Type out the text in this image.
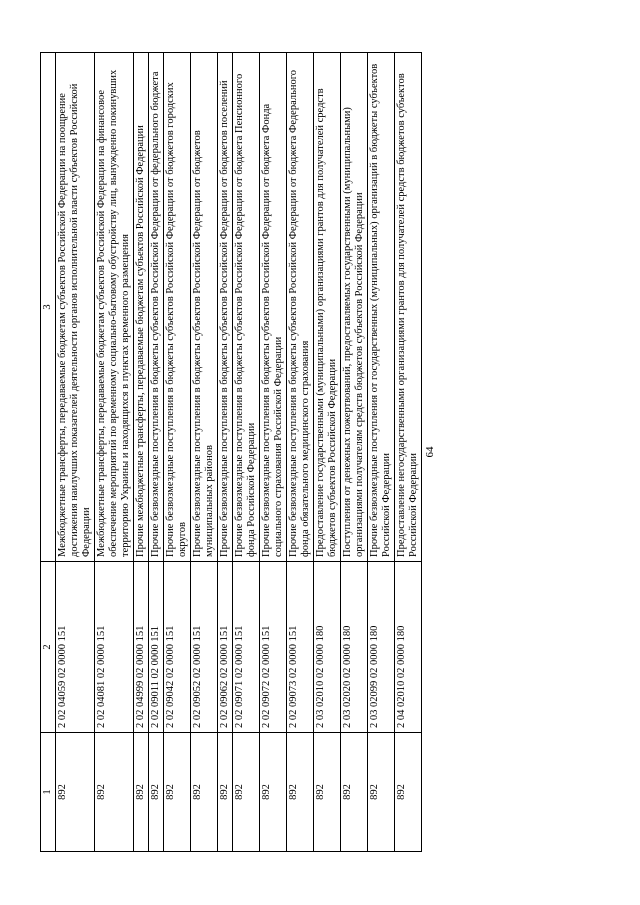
64
1	2	3
892	2 02 04059 02 0000 151	Межбюджетные трансферты, передаваемые бюджетам субъектов Российской Федерации на поощрение достижения наилучших показателей деятельности органов исполнительной власти субъектов Российской Федерации
892	2 02 04081 02 0000 151	Межбюджетные трансферты, передаваемые бюджетам субъектов Российской Федерации на финансовое обеспечение мероприятий по временному социально-бытовому обустройству лиц, вынужденно покинувших территорию Украины и находящихся в пунктах временного размещения
892	2 02 04999 02 0000 151	Прочие межбюджетные трансферты, передаваемые бюджетам субъектов Российской Федерации
892	2 02 09011 02 0000 151	Прочие безвозмездные поступления в бюджеты субъектов Российской Федерации от федерального бюджета
892	2 02 09042 02 0000 151	Прочие безвозмездные поступления в бюджеты субъектов Российской Федерации от бюджетов городских округов
892	2 02 09052 02 0000 151	Прочие безвозмездные поступления в бюджеты субъектов Российской Федерации от бюджетов муниципальных районов
892	2 02 09062 02 0000 151	Прочие безвозмездные поступления в бюджеты субъектов Российской Федерации от бюджетов поселений
892	2 02 09071 02 0000 151	Прочие безвозмездные поступления в бюджеты субъектов Российской Федерации от бюджета Пенсионного фонда Российской Федерации
892	2 02 09072 02 0000 151	Прочие безвозмездные поступления в бюджеты субъектов Российской Федерации от бюджета Фонда социального страхования Российской Федерации
892	2 02 09073 02 0000 151	Прочие безвозмездные поступления в бюджеты субъектов Российской Федерации от бюджета Федерального фонда обязательного медицинского страхования
892	2 03 02010 02 0000 180	Предоставление государственными (муниципальными) организациями грантов для получателей средств бюджетов субъектов Российской Федерации
892	2 03 02020 02 0000 180	Поступления от денежных пожертвований, предоставляемых государственными (муниципальными) организациями получателям средств бюджетов субъектов Российской Федерации
892	2 03 02099 02 0000 180	Прочие безвозмездные поступления от государственных (муниципальных) организаций в бюджеты субъектов Российской Федерации
892	2 04 02010 02 0000 180	Предоставление негосударственными организациями грантов для получателей средств бюджетов субъектов Российской Федерации
